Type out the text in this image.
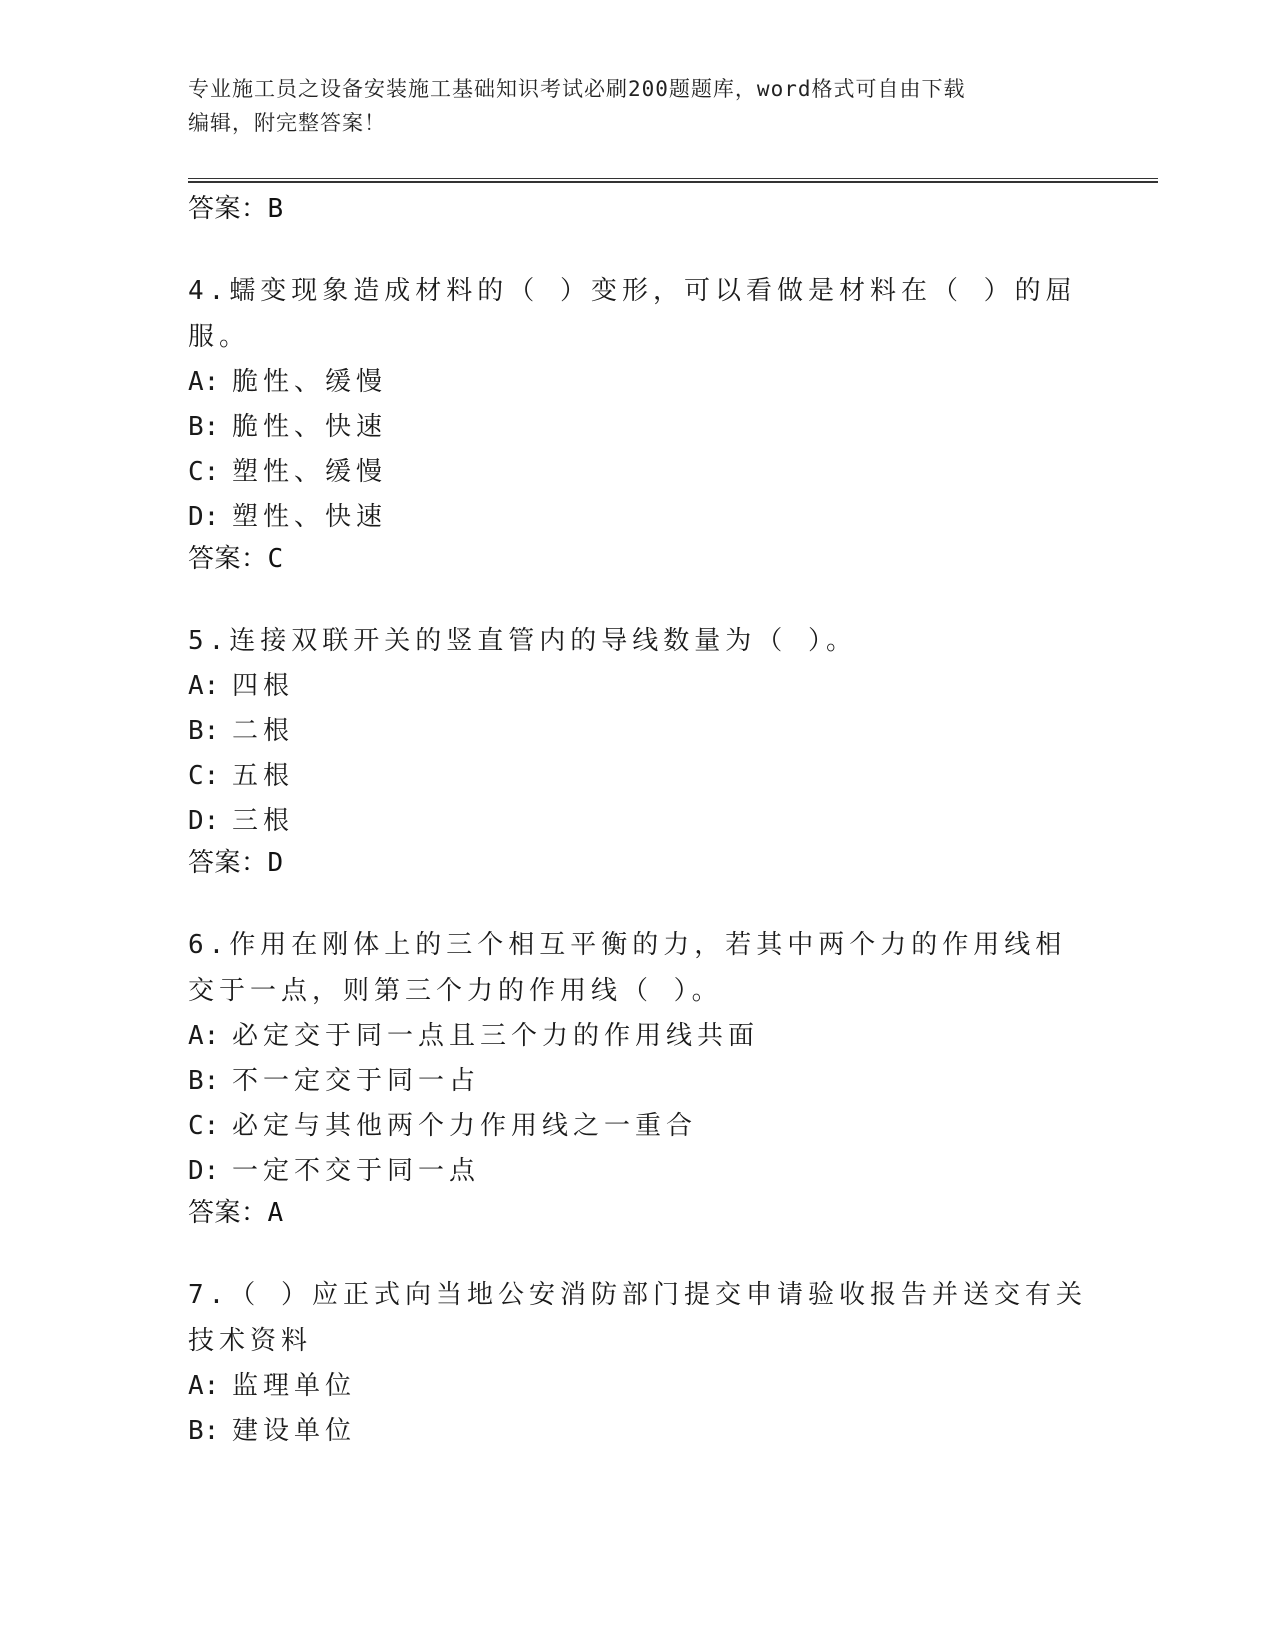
专业施工员之设备安装施工基础知识考试必刷200题题库，word格式可自由下载
编辑，附完整答案！
答案：B
4.蠕变现象造成材料的（ ）变形，可以看做是材料在（ ）的屈服。
A: 脆性、缓慢
B: 脆性、快速
C: 塑性、缓慢
D: 塑性、快速
答案：C
5.连接双联开关的竖直管内的导线数量为（ ）。
A: 四根
B: 二根
C: 五根
D: 三根
答案：D
6.作用在刚体上的三个相互平衡的力，若其中两个力的作用线相交于一点，则第三个力的作用线（ ）。
A: 必定交于同一点且三个力的作用线共面
B: 不一定交于同一占
C: 必定与其他两个力作用线之一重合
D: 一定不交于同一点
答案：A
7.（ ）应正式向当地公安消防部门提交申请验收报告并送交有关技术资料
A: 监理单位
B: 建设单位
